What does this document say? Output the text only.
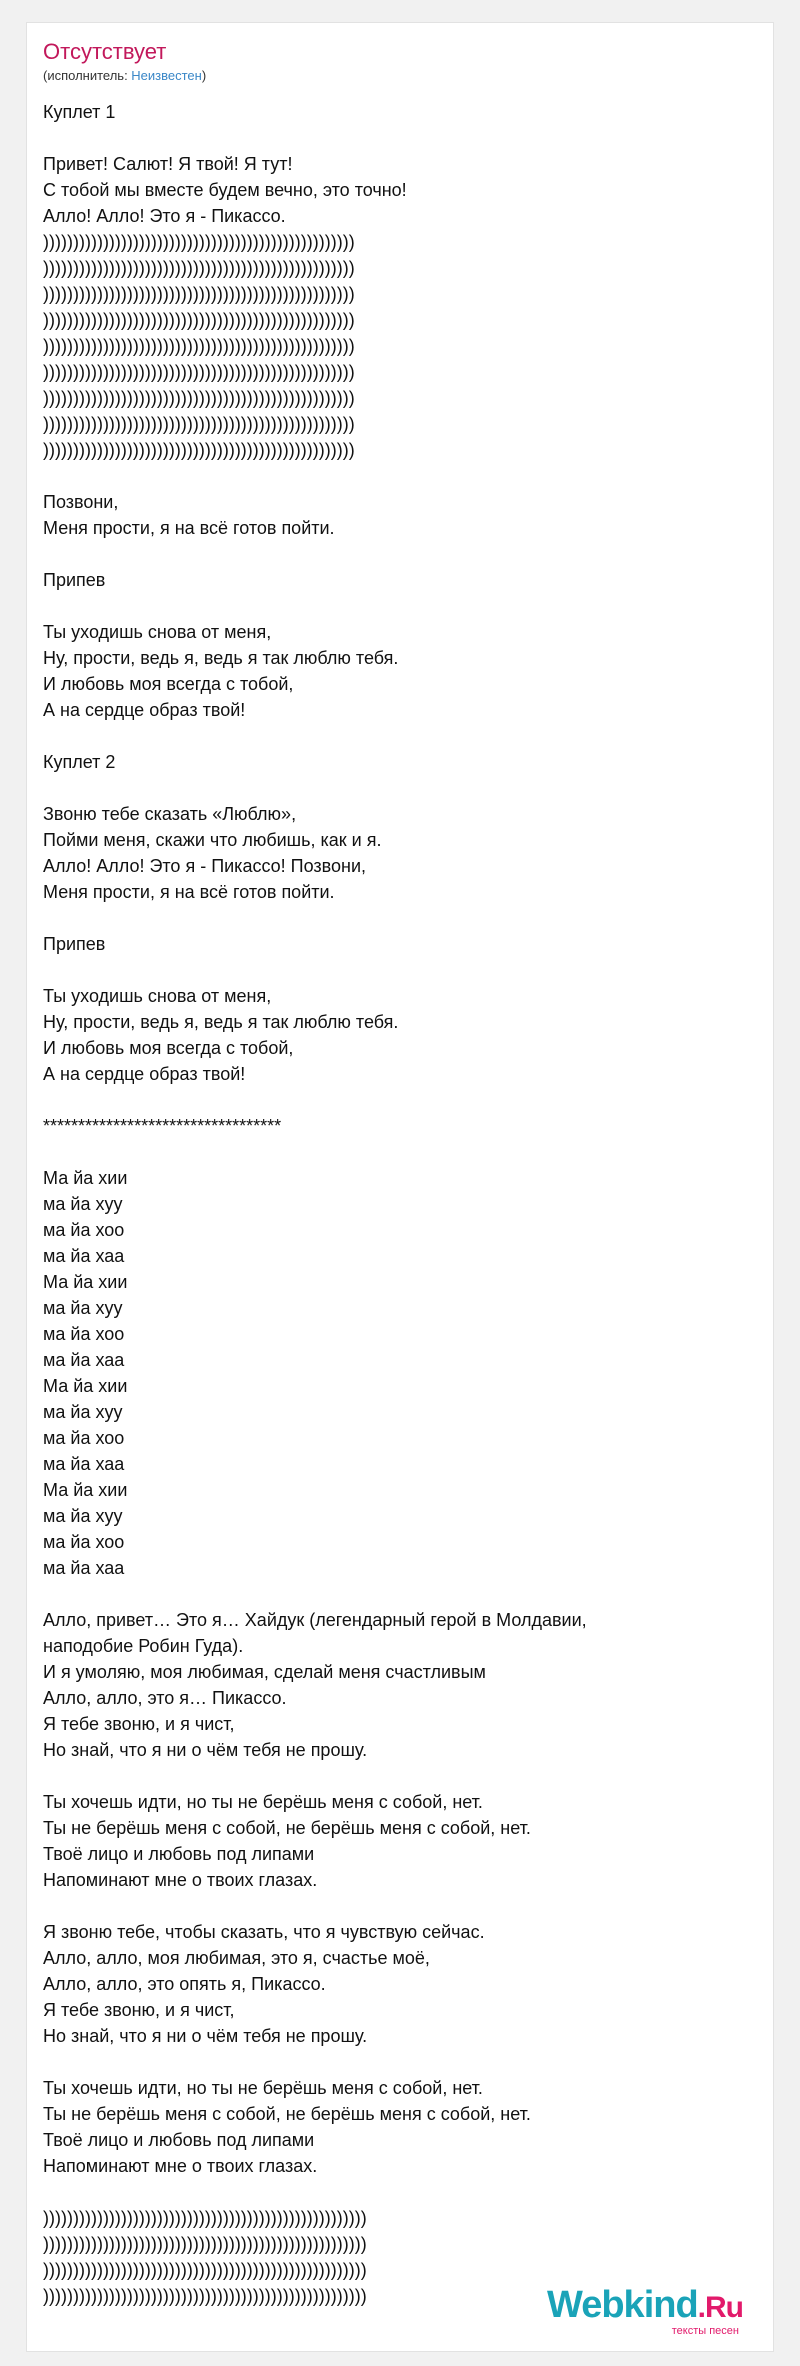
Отсутствует
(исполнитель: Неизвестен)
Куплет 1
Привет! Салют! Я твой! Я тут!
С тобой мы вместе будем вечно, это точно!
Алло! Алло! Это я - Пикассо.
))))))))))))))))))))))))))))))))))))))))))))))))))))
))))))))))))))))))))))))))))))))))))))))))))))))))))
))))))))))))))))))))))))))))))))))))))))))))))))))))
))))))))))))))))))))))))))))))))))))))))))))))))))))
))))))))))))))))))))))))))))))))))))))))))))))))))))
))))))))))))))))))))))))))))))))))))))))))))))))))))
))))))))))))))))))))))))))))))))))))))))))))))))))))
))))))))))))))))))))))))))))))))))))))))))))))))))))
))))))))))))))))))))))))))))))))))))))))))))))))))))
Позвони,
Меня прости, я на всё готов пойти.
Припев
Ты уходишь снова от меня,
Ну, прости, ведь я, ведь я так люблю тебя.
И любовь моя всегда с тобой,
А на сердце образ твой!
Куплет 2
Звоню тебе сказать «Люблю»,
Пойми меня, скажи что любишь, как и я.
Алло! Алло! Это я - Пикассо! Позвони,
Меня прости, я на всё готов пойти.
Припев
Ты уходишь снова от меня,
Ну, прости, ведь я, ведь я так люблю тебя.
И любовь моя всегда с тобой,
А на сердце образ твой!
**********************************
Ма йа хии
ма йа хуу
ма йа хоо
ма йа хаа
Ма йа хии
ма йа хуу
ма йа хоо
ма йа хаа
Ма йа хии
ма йа хуу
ма йа хоо
ма йа хаа
Ма йа хии
ма йа хуу
ма йа хоо
ма йа хаа
Алло, привет… Это я… Хайдук (легендарный герой в Молдавии,
наподобие Робин Гуда).
И я умоляю, моя любимая, сделай меня счастливым
Алло, алло, это я… Пикассо.
Я тебе звоню, и я чист,
Но знай, что я ни о чём тебя не прошу.
Ты хочешь идти, но ты не берёшь меня с собой, нет.
Ты не берёшь меня с собой, не берёшь меня с собой, нет.
Твоё лицо и любовь под липами
Напоминают мне о твоих глазах.
Я звоню тебе, чтобы сказать, что я чувствую сейчас.
Алло, алло, моя любимая, это я, счастье моё,
Алло, алло, это опять я, Пикассо.
Я тебе звоню, и я чист,
Но знай, что я ни о чём тебя не прошу.
Ты хочешь идти, но ты не берёшь меня с собой, нет.
Ты не берёшь меня с собой, не берёшь меня с собой, нет.
Твоё лицо и любовь под липами
Напоминают мне о твоих глазах.
))))))))))))))))))))))))))))))))))))))))))))))))))))))
))))))))))))))))))))))))))))))))))))))))))))))))))))))
))))))))))))))))))))))))))))))))))))))))))))))))))))))
))))))))))))))))))))))))))))))))))))))))))))))))))))))	Webkind.Ru
тексты песен
